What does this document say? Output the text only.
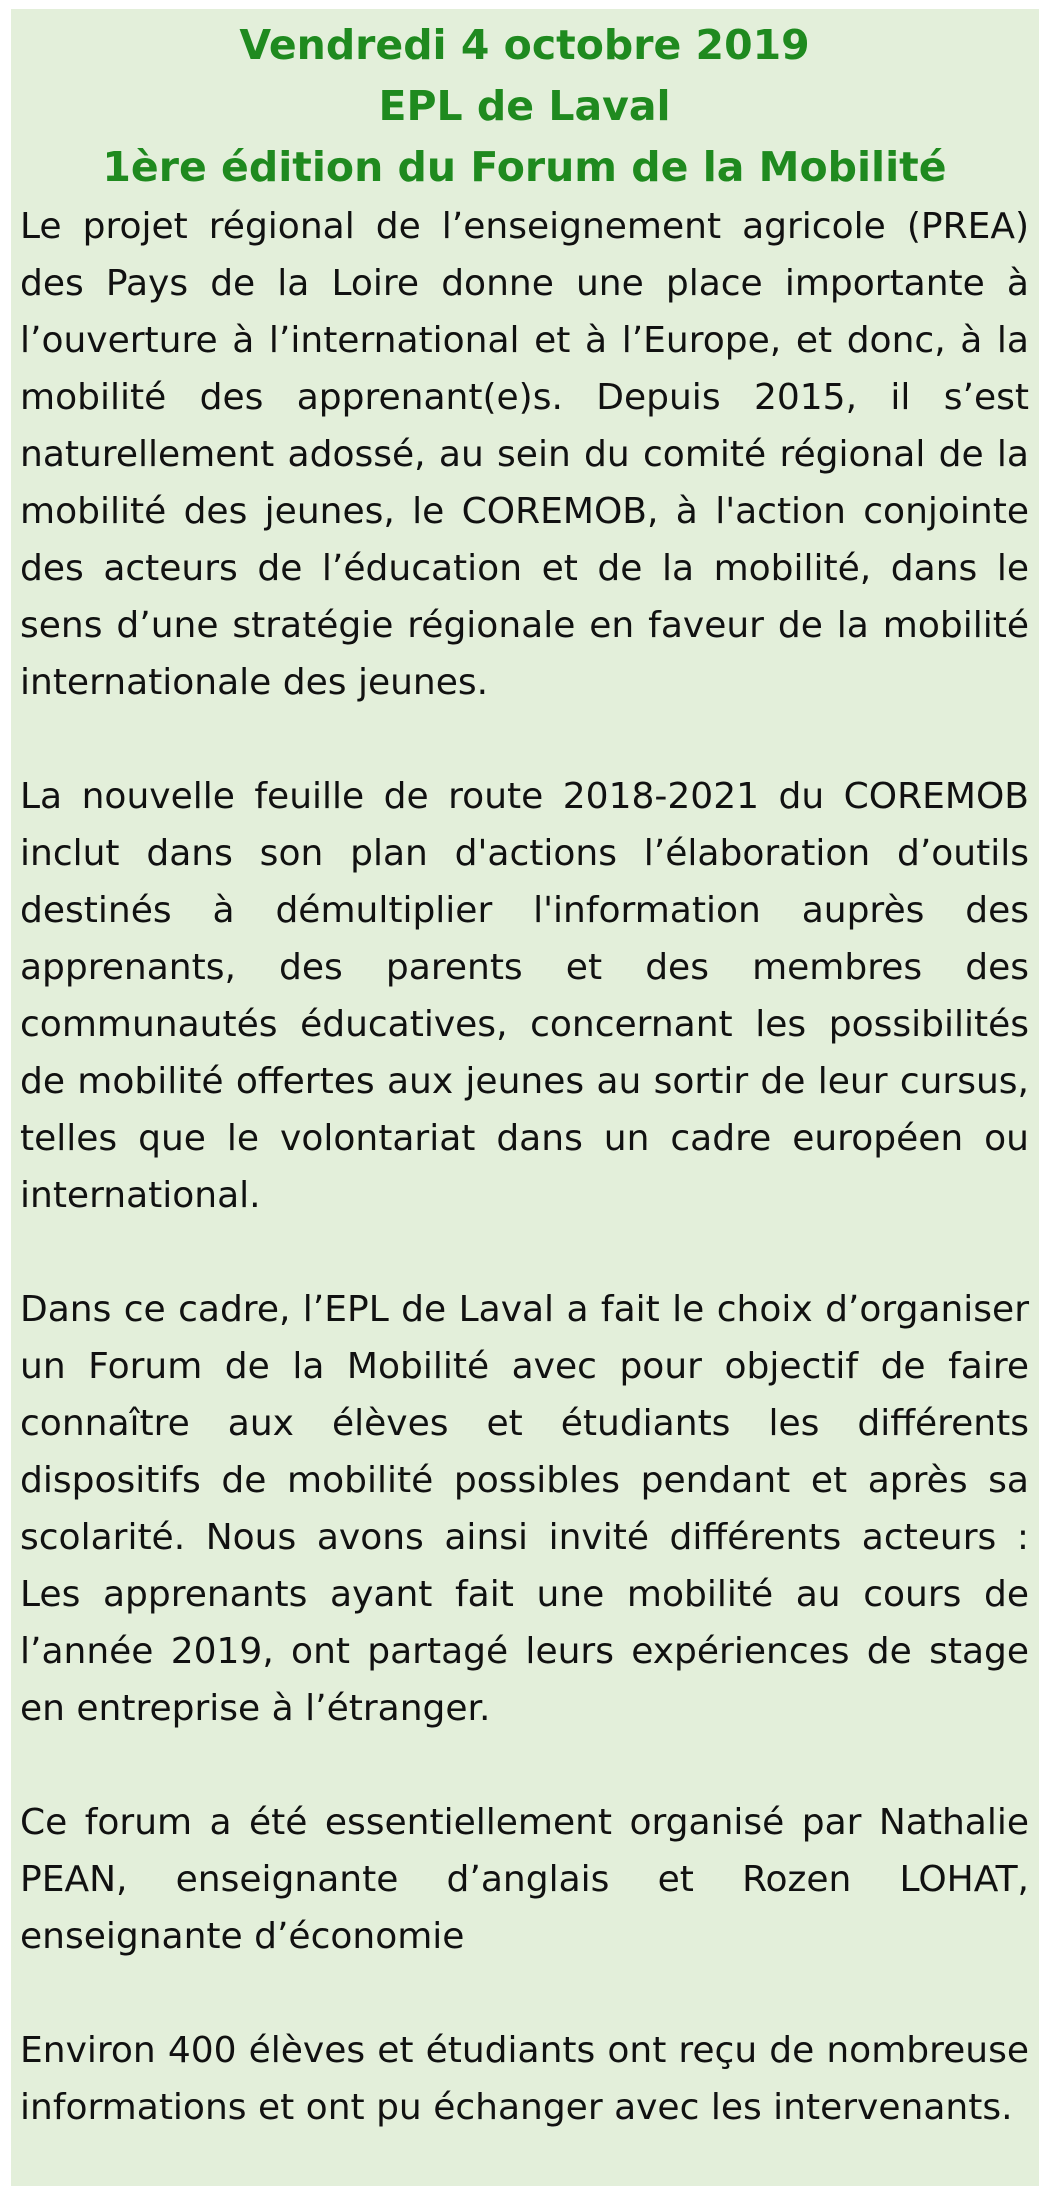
Vendredi 4 octobre 2019
EPL de Laval
1ère édition du Forum de la Mobilité

Le projet régional de l’enseignement agricole (PREA) des Pays de la Loire donne une place importante à l’ouverture à l’international et à l’Europe, et donc, à la mobilité des apprenant(e)s. Depuis 2015, il s’est naturellement adossé, au sein du comité régional de la mobilité des jeunes, le COREMOB, à l'action conjointe des acteurs de l’éducation et de la mobilité, dans le sens d’une stratégie régionale en faveur de la mobilité internationale des jeunes.

La nouvelle feuille de route 2018-2021 du COREMOB inclut dans son plan d'actions l’élaboration d’outils destinés à démultiplier l'information auprès des apprenants, des parents et des membres des communautés éducatives, concernant les possibilités de mobilité offertes aux jeunes au sortir de leur cursus, telles que le volontariat dans un cadre européen ou international.

Dans ce cadre, l’EPL de Laval a fait le choix d’organiser un Forum de la Mobilité avec pour objectif de faire connaître aux élèves et étudiants les différents dispositifs de mobilité possibles pendant et après sa scolarité. Nous avons ainsi invité différents acteurs : Les apprenants ayant fait une mobilité au cours de l’année 2019, ont partagé leurs expériences de stage en entreprise à l’étranger.

Ce forum a été essentiellement organisé par Nathalie PEAN, enseignante d’anglais et Rozen LOHAT, enseignante d’économie

Environ 400 élèves et étudiants ont reçu de nombreuse informations et ont pu échanger avec les intervenants.
